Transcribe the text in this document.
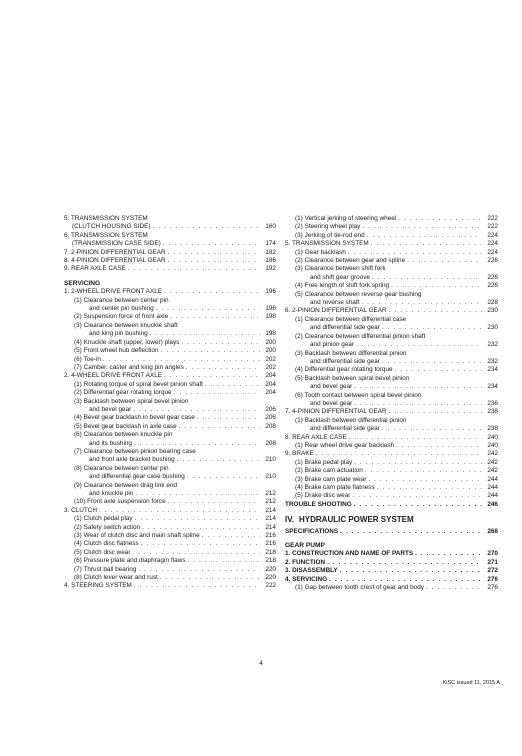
5. TRANSMISSION SYSTEM
(CLUTCH HOUSING SIDE) . . .	160
6. TRANSMISSION SYSTEM
(TRANSMISSION CASE SIDE) . . .	174
7. 2-PINION DIFFERENTIAL GEAR . . .	182
8. 4-PINION DIFFERENTIAL GEAR . . .	186
9. REAR AXLE CASE . . .	192
SERVICING
1. 2-WHEEL DRIVE FRONT AXLE . . .	196
(1) Clearance between center pin
and center pin bushing . . .	196
(2) Suspension force of front axle . . .	198
(3) Clearance between knuckle shaft
and king pin bushing . . .	198
(4) Knuckle shaft (upper, lower) plays . . .	200
(5) Front wheel hub deflection . . .	200
(6) Toe-in . . .	202
(7) Camber, caster and king pin angles . . .	202
2. 4-WHEEL DRIVE FRONT AXLE . . .	204
(1) Rotating torque of spiral bevel pinion shaft . . .	204
(2) Differential gear rotating torque . . .	204
(3) Backlash between spiral bevel pinion
and bevel gear . . .	206
(4) Bevel gear backlash in bevel gear case . . .	206
(5) Bevel gear backlash in axle case . . .	208
(6) Clearance between knuckle pin
and its bushing . . .	208
(7) Clearance between pinion bearing case
and front axle bracket bushing . . .	210
(8) Clearance between center pin
and differential gear case bushing . . .	210
(9) Clearance between drag link end
and knuckle pin . . .	212
(10) Front axle suspension force . . .	212
3. CLUTCH . . .	214
(1) Clutch pedal play . . .	214
(2) Safety switch action . . .	214
(3) Wear of clutch disc and main shaft spline . . .	216
(4) Clutch disc flatness . . .	216
(5) Clutch disc wear . . .	218
(6) Pressure plate and diaphragm flaws . . .	218
(7) Thrust ball bearing . . .	220
(8) Clutch lever wear and rust . . .	220
4. STEERING SYSTEM . . .	222
(1) Vertical jerking of steering wheel . . .	222
(2) Steering wheel play . . .	222
(3) Jerking of tie-rod end . . .	224
5. TRANSMISSION SYSTEM . . .	224
(1) Gear backlash . . .	224
(2) Clearance between gear and spline . . .	226
(3) Clearance between shift fork
and shift gear groove . . .	226
(4) Free length of shift fork spring . . .	226
(5) Clearance between reverse gear bushing
and reverse shaft . . .	228
6. 2-PINION DIFFERENTIAL GEAR . . .	230
(1) Clearance between differential case
and differential side gear . . .	230
(2) Clearance between differential pinion shaft
and pinion gear . . .	232
(3) Backlash between differential pinion
and differential side gear . . .	232
(4) Differential gear rotating torque . . .	234
(5) Backlash between spiral bevel pinion
and bevel gear . . .	234
(6) Tooth contact between spiral bevel pinion
and bevel gear . . .	236
7. 4-PINION DIFFERENTIAL GEAR . . .	238
(1) Backlash between differential pinion
and differential side gear . . .	238
8. REAR AXLE CASE . . .	240
(1) Rear wheel drive gear backlash . . .	240
9. BRAKE . . .	242
(1) Brake pedal play . . .	242
(2) Brake cam actuation . . .	242
(3) Brake cam plate wear . . .	244
(4) Brake cam plate flatness . . .	244
(5) Drake disc wear . . .	244
TROUBLE SHOOTING . . .	246
IV. HYDRAULIC POWER SYSTEM
SPECIFICATIONS . . .	268
GEAR PUMP
1. CONSTRUCTION AND NAME OF PARTS . . .	270
2. FUNCTION . . .	271
3. DISASSEMBLY . . .	272
4. SERVICING . . .	276
(1) Gap between tooth crest of gear and body . . .	276
4
KiSC issued 11, 2015 A
